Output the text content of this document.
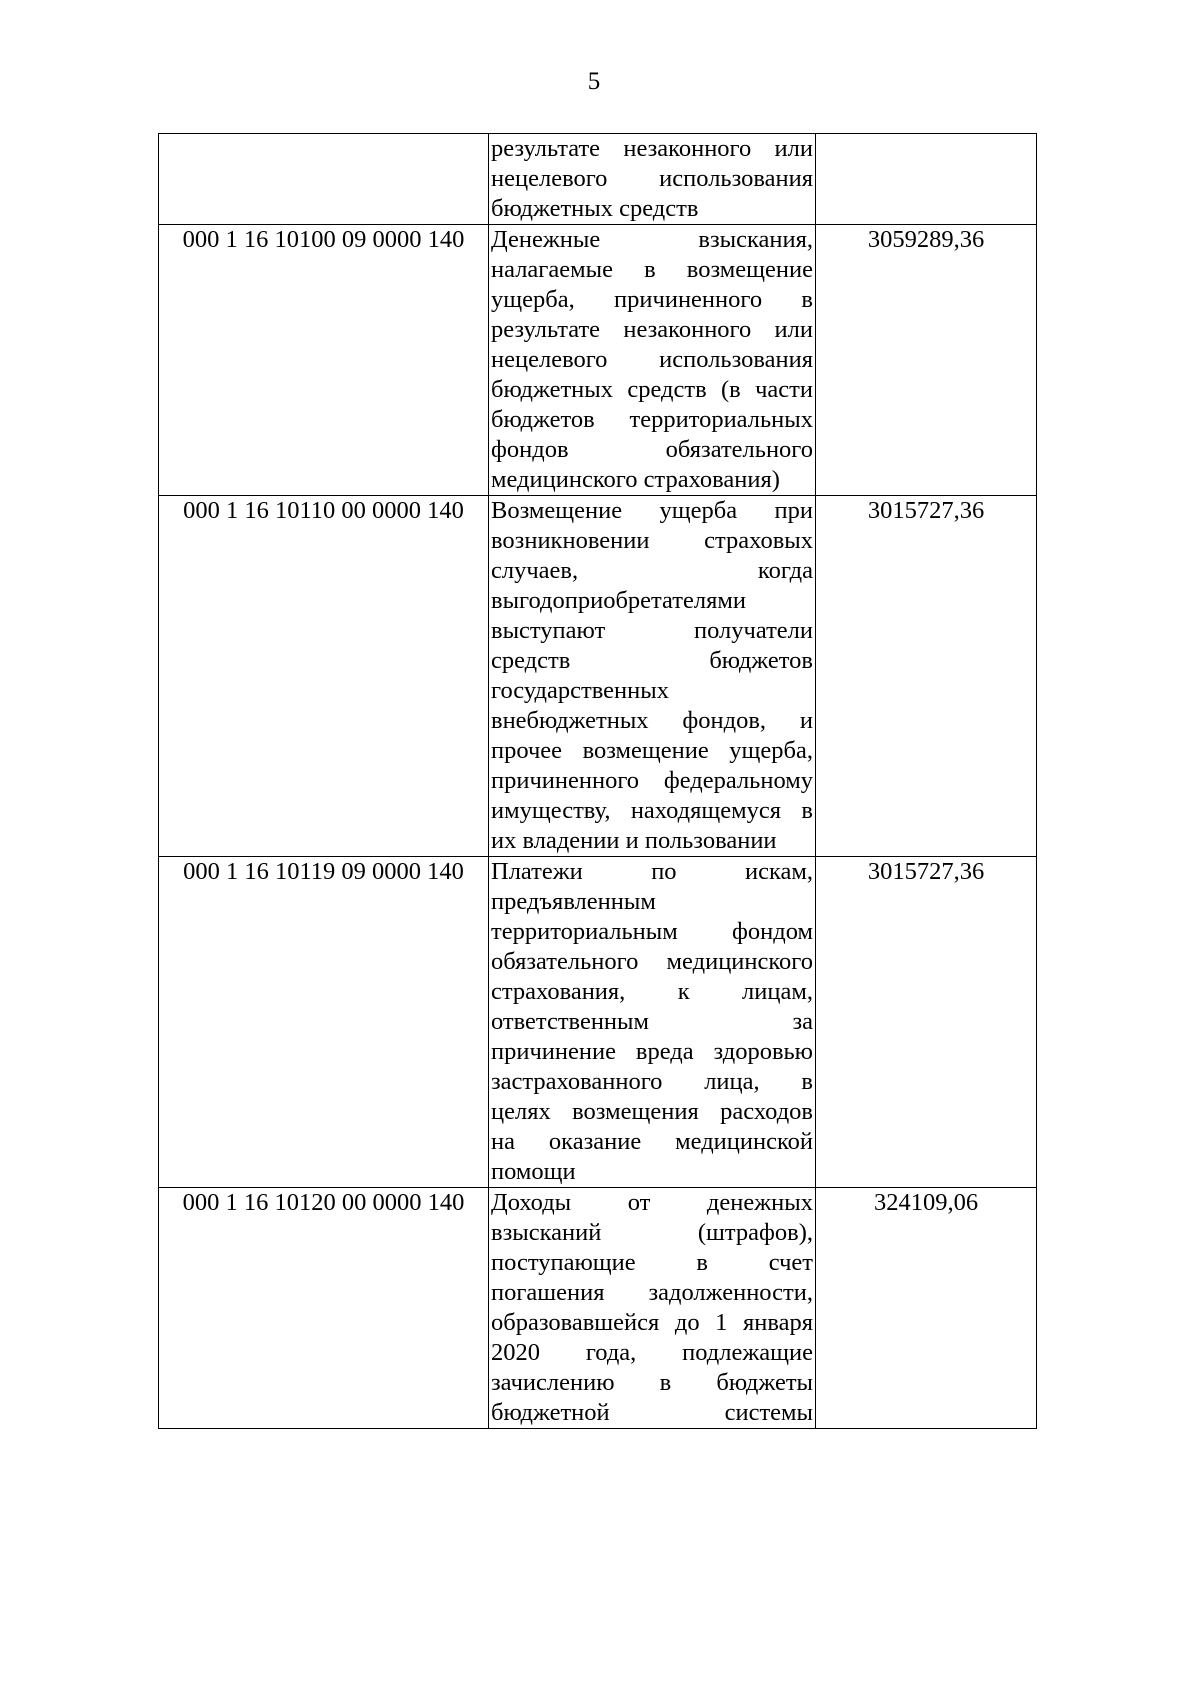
5

	результате незаконного или
нецелевого использования
бюджетных средств	

000 1 16 10100 09 0000 140	Денежные взыскания,
налагаемые в возмещение
ущерба, причиненного в
результате незаконного или
нецелевого использования
бюджетных средств (в части
бюджетов территориальных
фондов обязательного
медицинского страхования)
	3059289,36
000 1 16 10110 00 0000 140	Возмещение ущерба при
возникновении страховых
случаев, когда
выгодоприобретателями
выступают получатели
средств бюджетов
государственных
внебюджетных фондов, и
прочее возмещение ущерба,
причиненного федеральному
имуществу, находящемуся в
их владении и пользовании
	3015727,36
000 1 16 10119 09 0000 140	Платежи по искам,
предъявленным
территориальным фондом
обязательного медицинского
страхования, к лицам,
ответственным за
причинение вреда здоровью
застрахованного лица, в
целях возмещения расходов
на оказание медицинской
помощи
	3015727,36
000 1 16 10120 00 0000 140	Доходы от денежных
взысканий (штрафов),
поступающие в счет
погашения задолженности,
образовавшейся до 1 января
2020 года, подлежащие
зачислению в бюджеты
бюджетной системы
	324109,06
